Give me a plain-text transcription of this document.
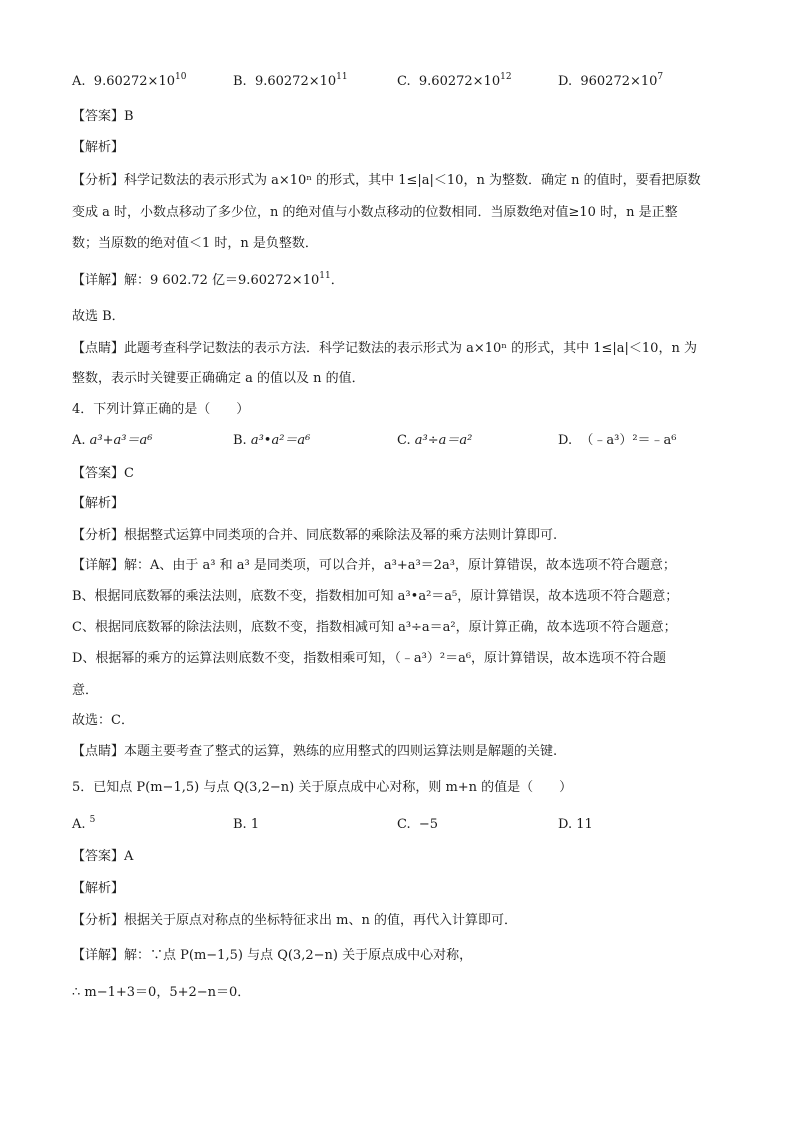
A. $9.60272\times 10^{10}$	B. $9.60272\times 10^{11}$	C. $9.60272\times 10^{12}$	D. $960272\times 10^7$
【答案】B
【解析】
【分析】科学记数法的表示形式为 a×10ⁿ 的形式，其中 1≤|a|＜10，n 为整数．确定 n 的值时，要看把原数
变成 a 时，小数点移动了多少位，n 的绝对值与小数点移动的位数相同．当原数绝对值≥10 时，n 是正整
数；当原数的绝对值＜1 时，n 是负整数．
【详解】解：9 602.72 亿$=9.60272\times 10^{11}$．
故选 B．
【点睛】此题考查科学记数法的表示方法．科学记数法的表示形式为 a×10ⁿ 的形式，其中 1≤|a|＜10，n 为
整数，表示时关键要正确确定 a 的值以及 n 的值．
4．下列计算正确的是（　　）
A. a³+a³＝a⁶	B. a³•a²＝a⁶	C. a³÷a＝a²	D. （﹣a³）²＝﹣a⁶
【答案】C
【解析】
【分析】根据整式运算中同类项的合并、同底数幂的乘除法及幂的乘方法则计算即可.
【详解】解：A、由于 a³ 和 a³ 是同类项，可以合并，a³+a³＝2a³，原计算错误，故本选项不符合题意；
B、根据同底数幂的乘法法则，底数不变，指数相加可知 a³•a²＝a⁵，原计算错误，故本选项不符合题意；
C、根据同底数幂的除法法则，底数不变，指数相减可知 a³÷a＝a²，原计算正确，故本选项不符合题意；
D、根据幂的乘方的运算法则底数不变，指数相乘可知，（﹣a³）²＝a⁶，原计算错误，故本选项不符合题
意．
故选：C．
【点睛】本题主要考查了整式的运算，熟练的应用整式的四则运算法则是解题的关键.
5．已知点 P(m−1,5) 与点 Q(3,2−n) 关于原点成中心对称，则 m+n 的值是（　　）
A. $^5$	B. 1	C. −5	D. 11
【答案】A
【解析】
【分析】根据关于原点对称点的坐标特征求出 m、n 的值，再代入计算即可．
【详解】解：∵点 P(m−1,5) 与点 Q(3,2−n) 关于原点成中心对称，
∴ m−1+3＝0，5+2−n＝0．
